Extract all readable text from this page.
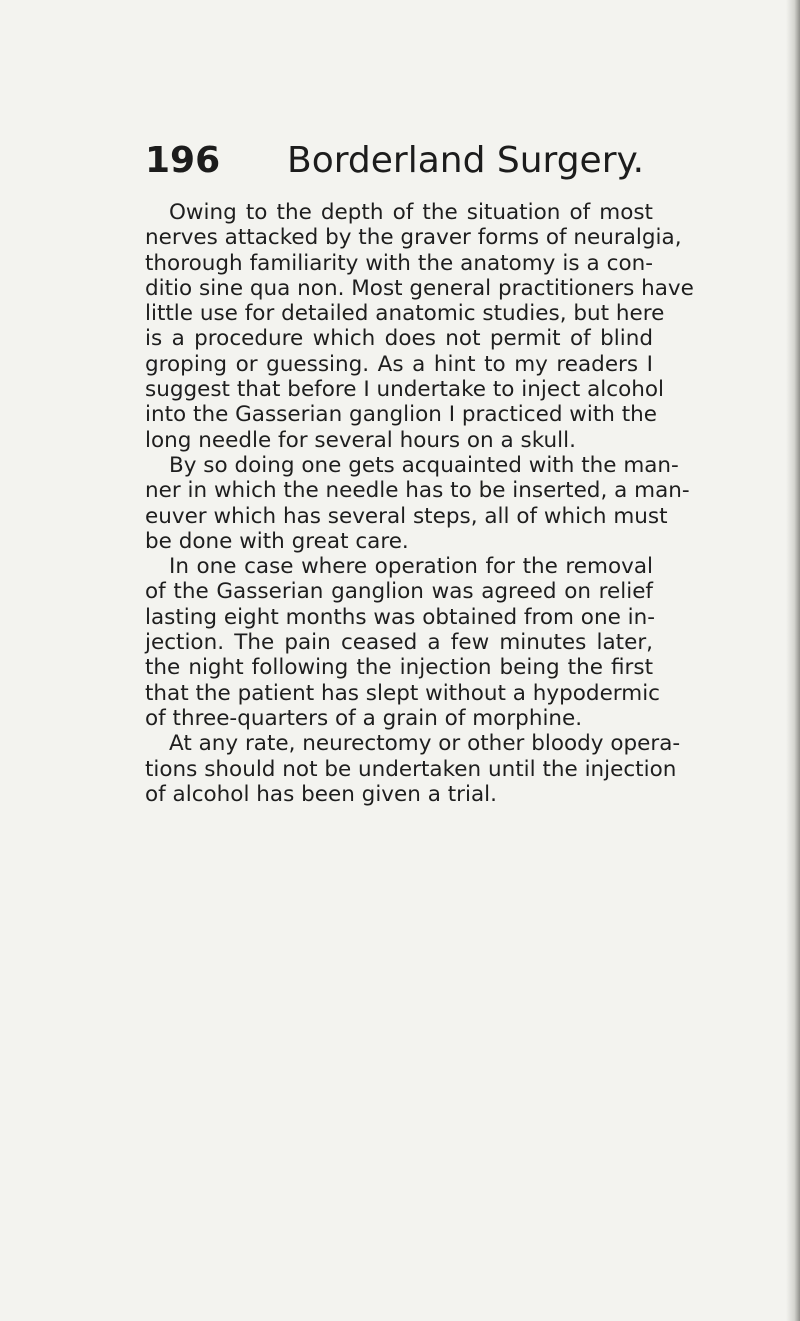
196 Borderland Surgery.

Owing to the depth of the situation of most
nerves attacked by the graver forms of neuralgia,
thorough familiarity with the anatomy is a con-
ditio sine qua non. Most general practitioners have
little use for detailed anatomic studies, but here
is a procedure which does not permit of blind
groping or guessing. As a hint to my readers I
suggest that before I undertake to inject alcohol
into the Gasserian ganglion I practiced with the
long needle for several hours on a skull.

By so doing one gets acquainted with the man-
ner in which the needle has to be inserted, a man-
euver which has several steps, all of which must
be done with great care.

In one case where operation for the removal
of the Gasserian ganglion was agreed on relief
lasting eight months was obtained from one in-
jection. The pain ceased a few minutes later,
the night following the injection being the first
that the patient has slept without a hypodermic
of three-quarters of a grain of morphine.

At any rate, neurectomy or other bloody opera-
tions should not be undertaken until the injection
of alcohol has been given a trial.
